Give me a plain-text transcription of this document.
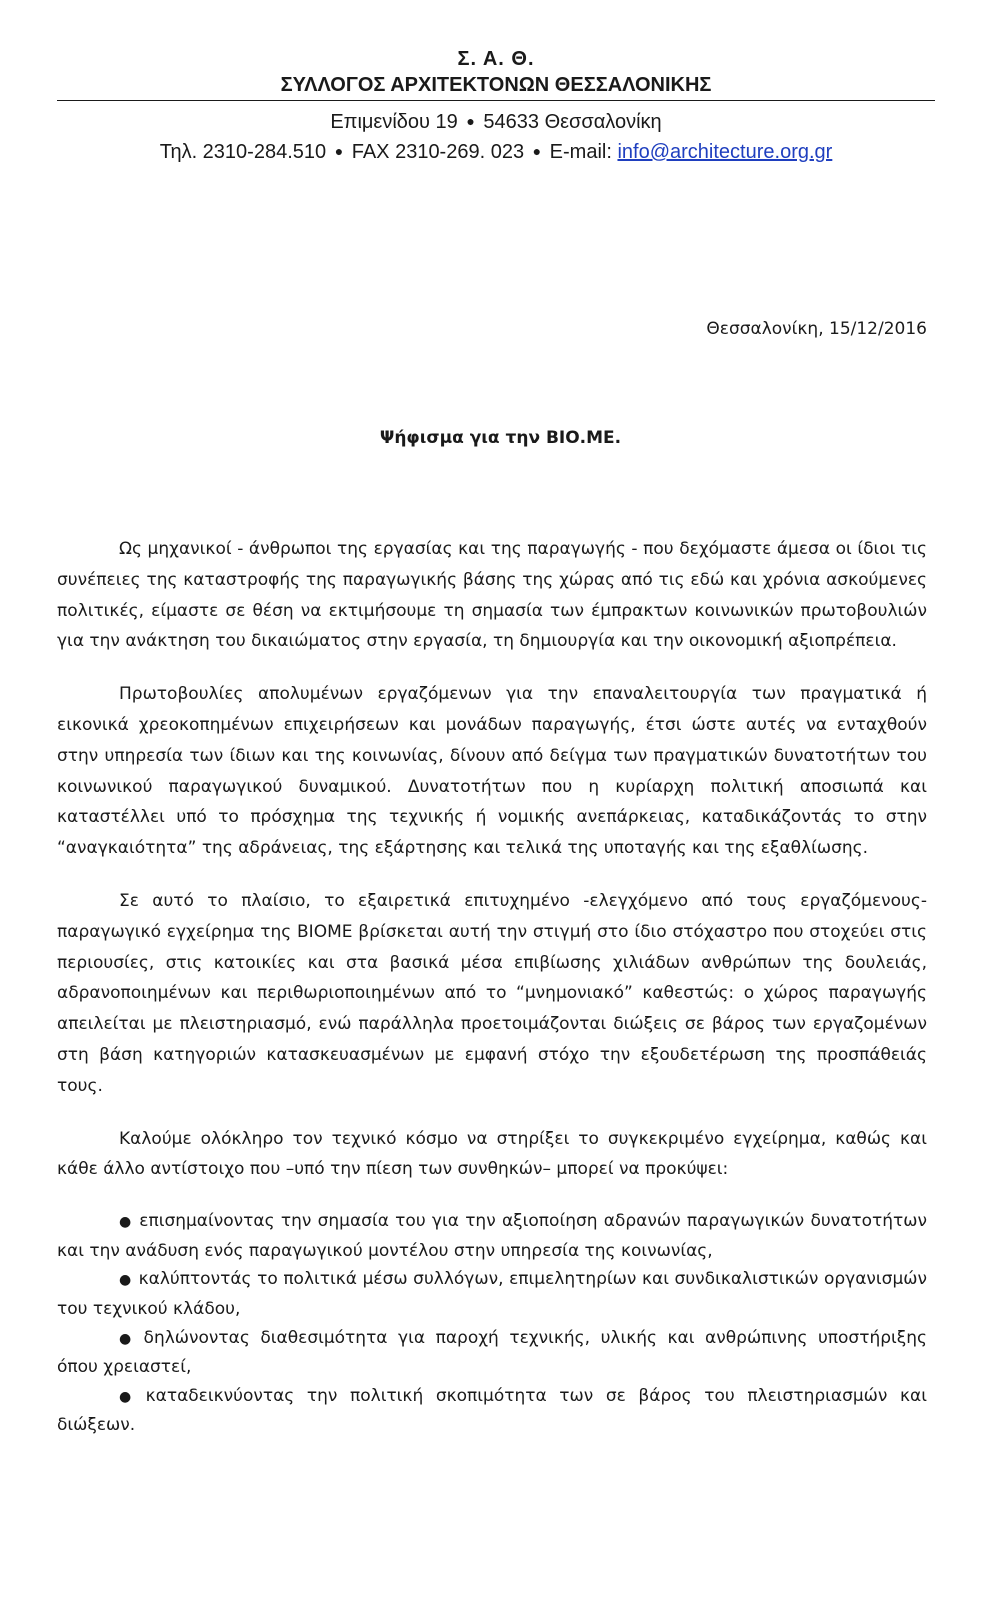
Σ. Α. Θ.
ΣΥΛΛΟΓΟΣ ΑΡΧΙΤΕΚΤΟΝΩΝ ΘΕΣΣΑΛΟΝΙΚΗΣ
Επιμενίδου 19 ● 54633 Θεσσαλονίκη
Τηλ. 2310-284.510 ● FAX 2310-269. 023 ● E-mail: info@architecture.org.gr
Θεσσαλονίκη, 15/12/2016
Ψήφισμα για την ΒΙΟ.ΜΕ.

Ως μηχανικοί - άνθρωποι της εργασίας και της παραγωγής - που δεχόμαστε άμεσα οι ίδιοι τις συνέπειες της καταστροφής της παραγωγικής βάσης της χώρας από τις εδώ και χρόνια ασκούμενες πολιτικές, είμαστε σε θέση να εκτιμήσουμε τη σημασία των έμπρακτων κοινωνικών πρωτοβουλιών για την ανάκτηση του δικαιώματος στην εργασία, τη δημιουργία και την οικονομική αξιοπρέπεια.

Πρωτοβουλίες απολυμένων εργαζόμενων για την επαναλειτουργία των πραγματικά ή εικονικά χρεοκοπημένων επιχειρήσεων και μονάδων παραγωγής, έτσι ώστε αυτές να ενταχθούν στην υπηρεσία των ίδιων και της κοινωνίας, δίνουν από δείγμα των πραγματικών δυνατοτήτων του κοινωνικού παραγωγικού δυναμικού. Δυνατοτήτων που η κυρίαρχη πολιτική αποσιωπά και καταστέλλει υπό το πρόσχημα της τεχνικής ή νομικής ανεπάρκειας, καταδικάζοντάς το στην “αναγκαιότητα” της αδράνειας, της εξάρτησης και τελικά της υποταγής και της εξαθλίωσης.

Σε αυτό το πλαίσιο, το εξαιρετικά επιτυχημένο -ελεγχόμενο από τους εργαζόμενους- παραγωγικό εγχείρημα της ΒΙΟΜΕ βρίσκεται αυτή την στιγμή στο ίδιο στόχαστρο που στοχεύει στις περιουσίες, στις κατοικίες και στα βασικά μέσα επιβίωσης χιλιάδων ανθρώπων της δουλειάς, αδρανοποιημένων και περιθωριοποιημένων από το “μνημονιακό” καθεστώς: ο χώρος παραγωγής απειλείται με πλειστηριασμό, ενώ παράλληλα προετοιμάζονται διώξεις σε βάρος των εργαζομένων στη βάση κατηγοριών κατασκευασμένων με εμφανή στόχο την εξουδετέρωση της προσπάθειάς τους.

Καλούμε ολόκληρο τον τεχνικό κόσμο να στηρίξει το συγκεκριμένο εγχείρημα, καθώς και κάθε άλλο αντίστοιχο που –υπό την πίεση των συνθηκών– μπορεί να προκύψει:

● επισημαίνοντας την σημασία του για την αξιοποίηση αδρανών παραγωγικών δυνατοτήτων και την ανάδυση ενός παραγωγικού μοντέλου στην υπηρεσία της κοινωνίας,
● καλύπτοντάς το πολιτικά μέσω συλλόγων, επιμελητηρίων και συνδικαλιστικών οργανισμών του τεχνικού κλάδου,
● δηλώνοντας διαθεσιμότητα για παροχή τεχνικής, υλικής και ανθρώπινης υποστήριξης όπου χρειαστεί,
● καταδεικνύοντας την πολιτική σκοπιμότητα των σε βάρος του πλειστηριασμών και διώξεων.
